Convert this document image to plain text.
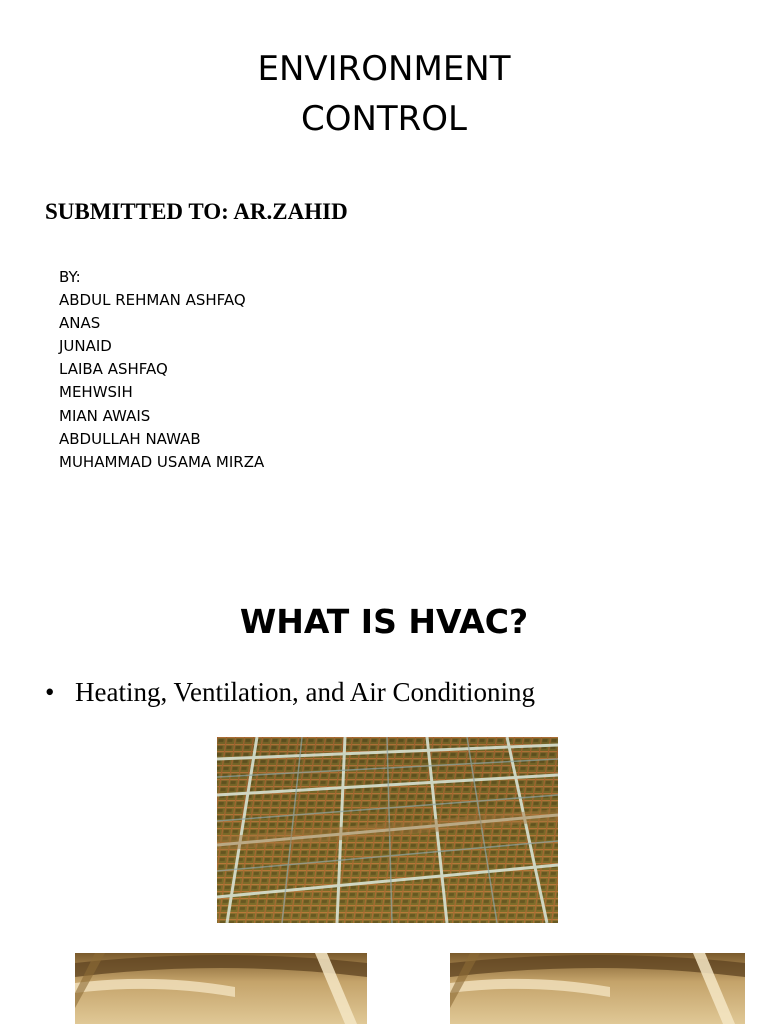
ENVIRONMENT
CONTROL
SUBMITTED TO: AR.ZAHID
BY:
ABDUL REHMAN ASHFAQ
ANAS
JUNAID
LAIBA ASHFAQ
MEHWSIH
MIAN AWAIS
ABDULLAH NAWAB
MUHAMMAD USAMA MIRZA
WHAT IS HVAC?
• Heating, Ventilation, and Air Conditioning
